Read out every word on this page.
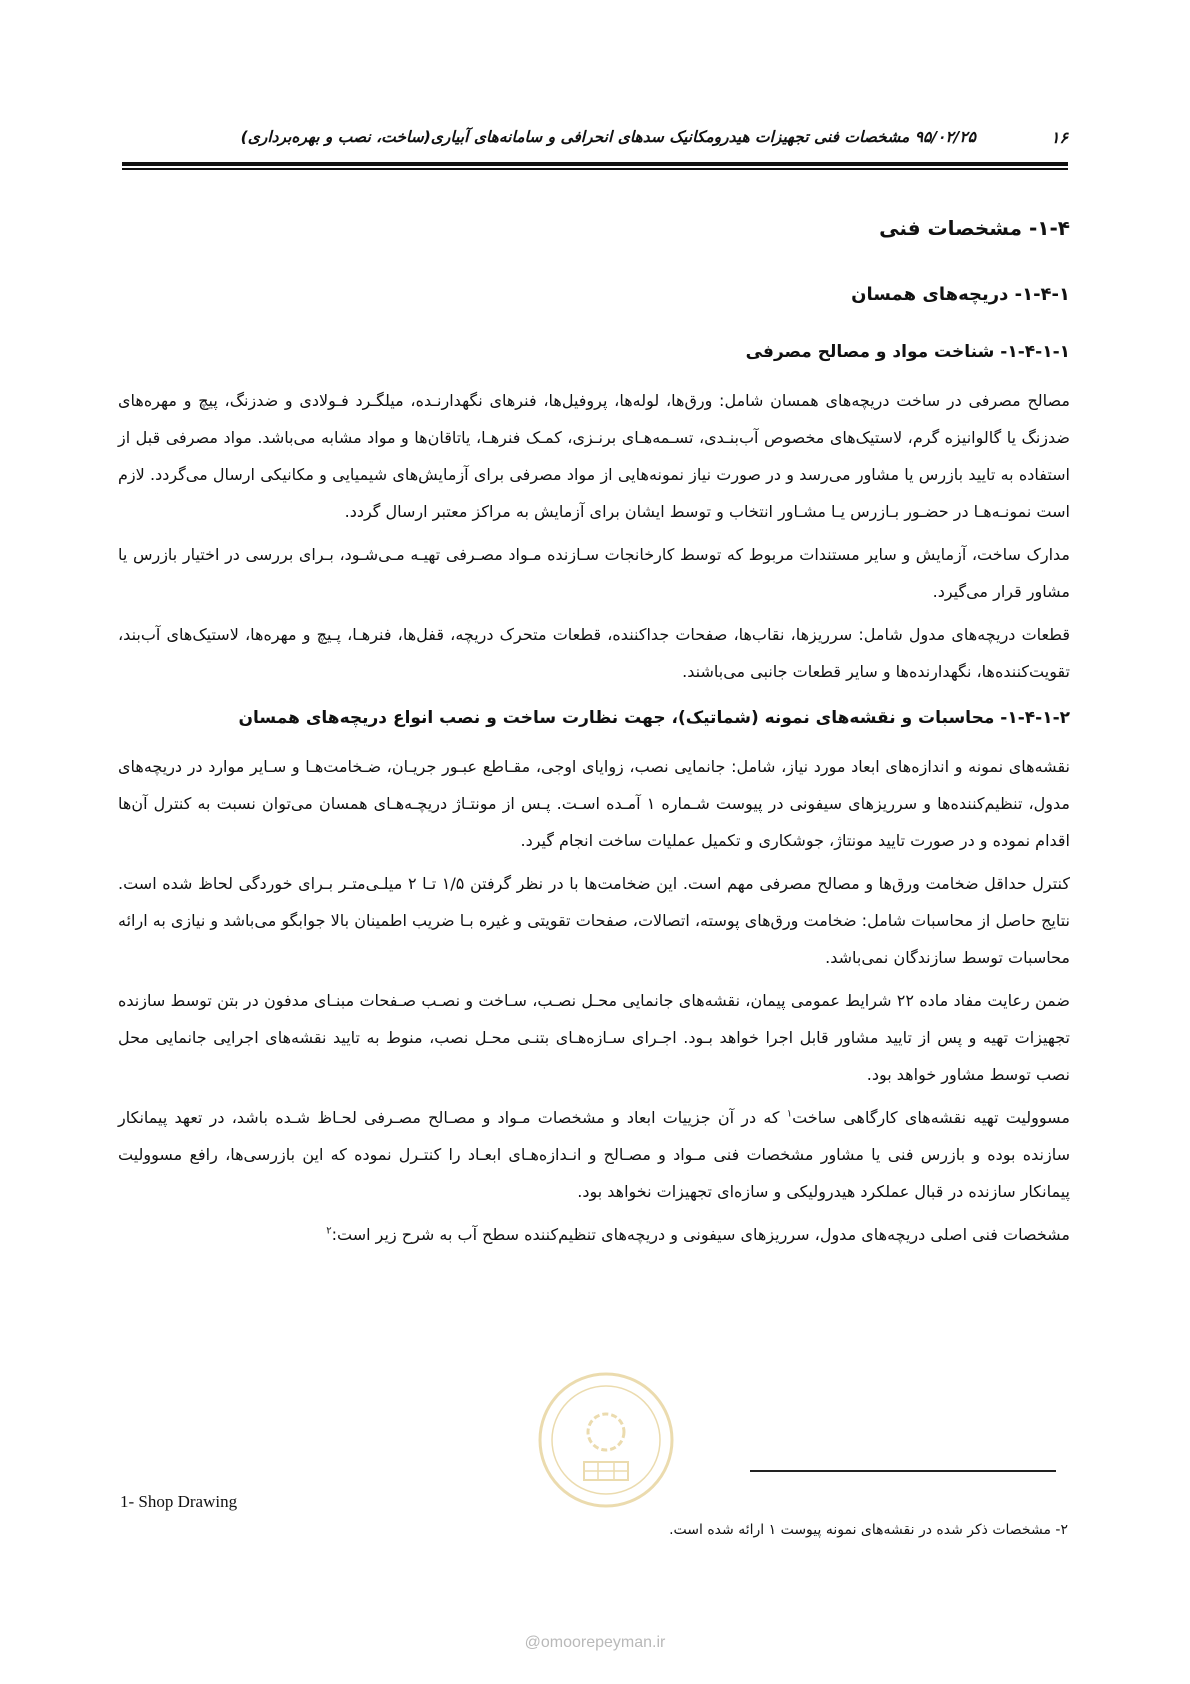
۱۶
۹۵/۰۲/۲۵ مشخصات فنی تجهیزات هیدرومکانیک سدهای انحرافی و سامانه‌های آبیاری(ساخت، نصب و بهره‌برداری)
۱-۴- مشخصات فنی
۱-۴-۱- دریچه‌های همسان
۱-۴-۱-۱- شناخت مواد و مصالح مصرفی

مصالح مصرفی در ساخت دریچه‌های همسان شامل: ورق‌ها، لوله‌ها، پروفیل‌ها، فنرهای نگهدارنـده، میلگـرد فـولادی و ضدزنگ، پیچ و مهره‌های ضدزنگ یا گالوانیزه گرم، لاستیک‌های مخصوص آب‌بنـدی، تسـمه‌هـای برنـزی، کمـک فنرهـا، یاتاقان‌ها و مواد مشابه می‌باشد. مواد مصرفی قبل از استفاده به تایید بازرس یا مشاور می‌رسد و در صورت نیاز نمونه‌هایی از مواد مصرفی برای آزمایش‌های شیمیایی و مکانیکی ارسال می‌گردد. لازم است نمونـه‌هـا در حضـور بـازرس یـا مشـاور انتخاب و توسط ایشان برای آزمایش به مراکز معتبر ارسال گردد.

مدارک ساخت، آزمایش و سایر مستندات مربوط که توسط کارخانجات سـازنده مـواد مصـرفی تهیـه مـی‌شـود، بـرای بررسی در اختیار بازرس یا مشاور قرار می‌گیرد.

قطعات دریچه‌های مدول شامل: سرریزها، نقاب‌ها، صفحات جداکننده، قطعات متحرک دریچه، قفل‌ها، فنرهـا، پـیچ و مهره‌ها، لاستیک‌های آب‌بند، تقویت‌کننده‌ها، نگهدارنده‌ها و سایر قطعات جانبی می‌باشند.

۱-۴-۱-۲- محاسبات و نقشه‌های نمونه (شماتیک)، جهت نظارت ساخت و نصب انواع دریچه‌های همسان

نقشه‌های نمونه و اندازه‌های ابعاد مورد نیاز، شامل: جانمایی نصب، زوایای اوجی، مقـاطع عبـور جریـان، ضـخامت‌هـا و سـایر موارد در دریچه‌های مدول، تنظیم‌کننده‌ها و سرریزهای سیفونی در پیوست شـماره ۱ آمـده اسـت. پـس از مونتـاژ دریچـه‌هـای همسان می‌توان نسبت به کنترل آن‌ها اقدام نموده و در صورت تایید مونتاژ، جوشکاری و تکمیل عملیات ساخت انجام گیرد.

کنترل حداقل ضخامت ورق‌ها و مصالح مصرفی مهم است. این ضخامت‌ها با در نظر گرفتن ۱/۵ تـا ۲ میلـی‌متـر بـرای خوردگی لحاظ شده است. نتایج حاصل از محاسبات شامل: ضخامت ورق‌های پوسته، اتصالات، صفحات تقویتی و غیره بـا ضریب اطمینان بالا جوابگو می‌باشد و نیازی به ارائه محاسبات توسط سازندگان نمی‌باشد.

ضمن رعایت مفاد ماده ۲۲ شرایط عمومی پیمان، نقشه‌های جانمایی محـل نصـب، سـاخت و نصـب صـفحات مبنـای مدفون در بتن توسط سازنده تجهیزات تهیه و پس از تایید مشاور قابل اجرا خواهد بـود. اجـرای سـازه‌هـای بتنـی محـل نصب، منوط به تایید نقشه‌های اجرایی جانمایی محل نصب توسط مشاور خواهد بود.

مسوولیت تهیه نقشه‌های کارگاهی ساخت$^۱$ که در آن جزییات ابعاد و مشخصات مـواد و مصـالح مصـرفی لحـاظ شـده باشد، در تعهد پیمانکار سازنده بوده و بازرس فنی یا مشاور مشخصات فنی مـواد و مصـالح و انـدازه‌هـای ابعـاد را کنتـرل نموده که این بازرسی‌ها، رافع مسوولیت پیمانکار سازنده در قبال عملکرد هیدرولیکی و سازه‌ای تجهیزات نخواهد بود.

مشخصات فنی اصلی دریچه‌های مدول، سرریزهای سیفونی و دریچه‌های تنظیم‌کننده سطح آب به شرح زیر است:$^۲$

1- Shop Drawing
۲- مشخصات ذکر شده در نقشه‌های نمونه پیوست ۱ ارائه شده است.
@omoorepeyman.ir
